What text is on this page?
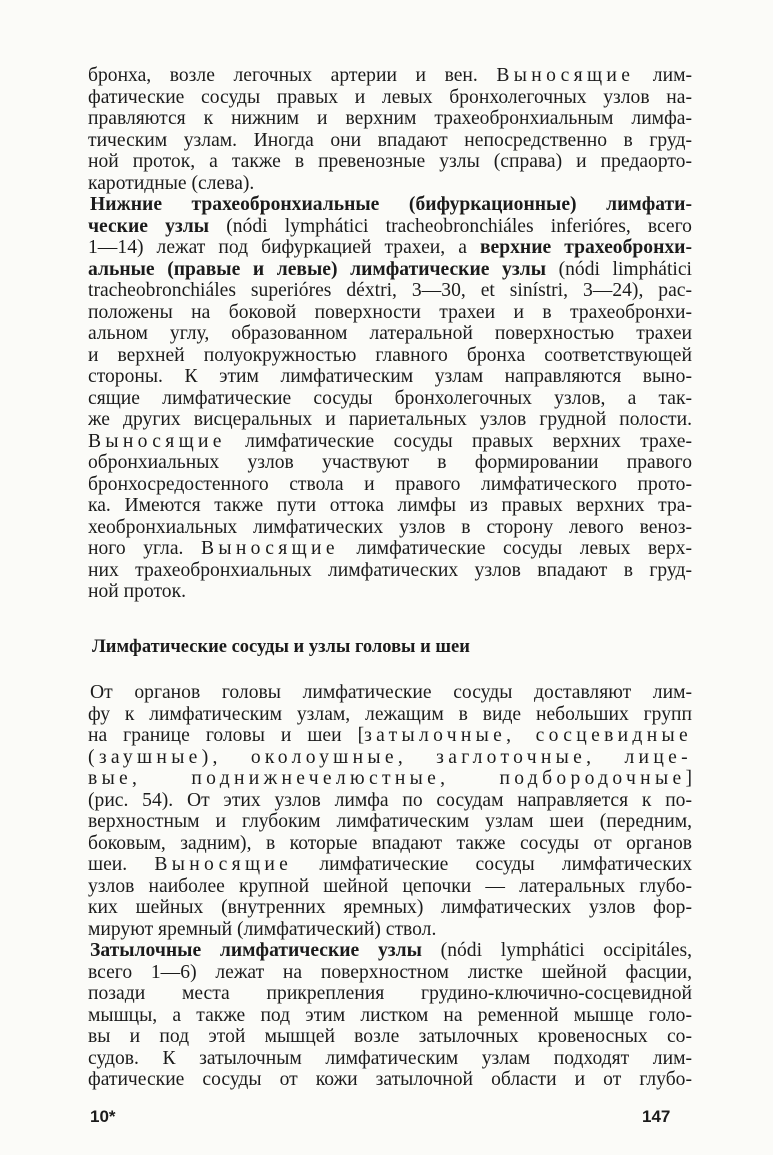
бронха, возле легочных артерии и вен. Выносящие лим-
фатические сосуды правых и левых бронхолегочных узлов на-
правляются к нижним и верхним трахеобронхиальным лимфа-
тическим узлам. Иногда они впадают непосредственно в груд-
ной проток, а также в превенозные узлы (справа) и предаорто-
каротидные (слева).
Нижние трахеобронхиальные (бифуркационные) лимфати-
ческие узлы (nódi lymphátici tracheobronchiáles inferióres, всего
1—14) лежат под бифуркацией трахеи, а верхние трахеобронхи-
альные (правые и левые) лимфатические узлы (nódi limphátici
tracheobronchiáles superióres déxtri, 3—30, et sinístri, 3—24), рас-
положены на боковой поверхности трахеи и в трахеобронхи-
альном углу, образованном латеральной поверхностью трахеи
и верхней полуокружностью главного бронха соответствующей
стороны. К этим лимфатическим узлам направляются выно-
сящие лимфатические сосуды бронхолегочных узлов, а так-
же других висцеральных и париетальных узлов грудной полости.
Выносящие лимфатические сосуды правых верхних трахе-
обронхиальных узлов участвуют в формировании правого
бронхосредостенного ствола и правого лимфатического прото-
ка. Имеются также пути оттока лимфы из правых верхних тра-
хеобронхиальных лимфатических узлов в сторону левого веноз-
ного угла. Выносящие лимфатические сосуды левых верх-
них трахеобронхиальных лимфатических узлов впадают в груд-
ной проток.
Лимфатические сосуды и узлы головы и шеи
От органов головы лимфатические сосуды доставляют лим-
фу к лимфатическим узлам, лежащим в виде небольших групп
на границе головы и шеи [затылочные, сосцевидные
(заушные), околоушные, заглоточные, лице-
вые, поднижнечелюстные, подбородочные]
(рис. 54). От этих узлов лимфа по сосудам направляется к по-
верхностным и глубоким лимфатическим узлам шеи (передним,
боковым, задним), в которые впадают также сосуды от органов
шеи. Выносящие лимфатические сосуды лимфатических
узлов наиболее крупной шейной цепочки — латеральных глубо-
ких шейных (внутренних яремных) лимфатических узлов фор-
мируют яремный (лимфатический) ствол.
Затылочные лимфатические узлы (nódi lymphátici occipitáles,
всего 1—6) лежат на поверхностном листке шейной фасции,
позади места прикрепления грудино-ключично-сосцевидной
мышцы, а также под этим листком на ременной мышце голо-
вы и под этой мышцей возле затылочных кровеносных со-
судов. К затылочным лимфатическим узлам подходят лим-
фатические сосуды от кожи затылочной области и от глубо-
10*	147
